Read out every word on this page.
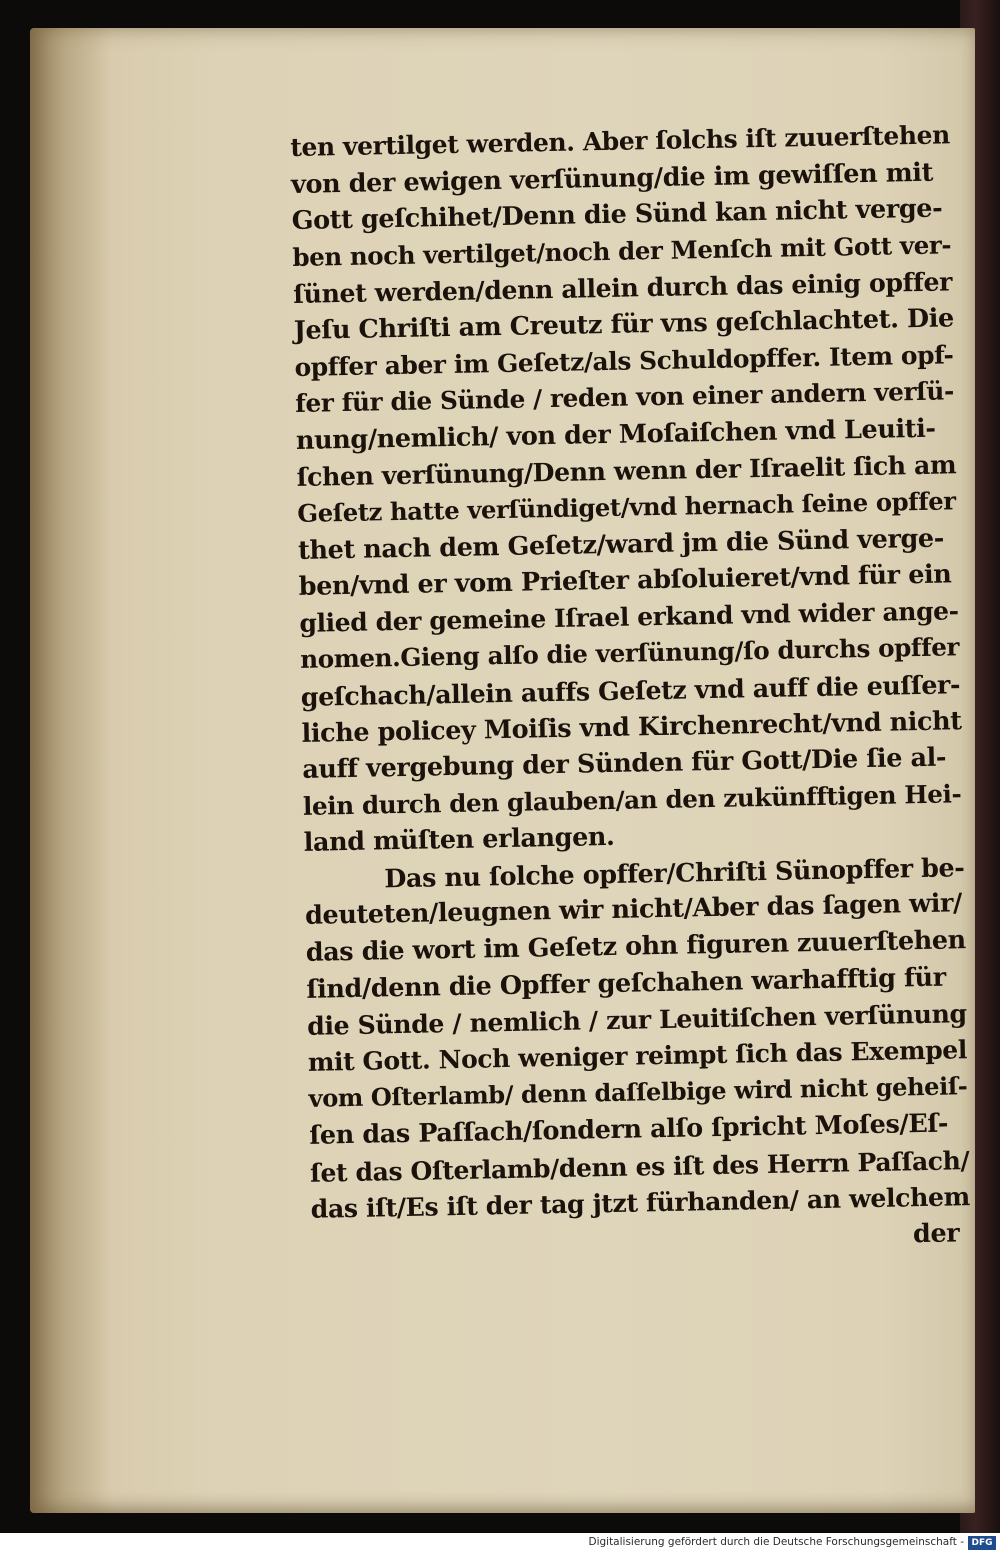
ten vertilget werden. Aber ſolchs iſt zuuerſtehen
von der ewigen verſünung/die im gewiſſen mit
Gott geſchihet/Denn die Sünd kan nicht verge-
ben noch vertilget/noch der Menſch mit Gott ver-
ſünet werden/denn allein durch das einig opffer
Jeſu Chriſti am Creutz für vns geſchlachtet. Die
opffer aber im Geſetz/als Schuldopffer. Item opf-
fer für die Sünde / reden von einer andern verſü-
nung/nemlich/ von der Moſaiſchen vnd Leuiti-
ſchen verſünung/Denn wenn der Iſraelit ſich am
Geſetz hatte verſündiget/vnd hernach ſeine opffer
thet nach dem Geſetz/ward jm die Sünd verge-
ben/vnd er vom Prieſter abſoluieret/vnd für ein
glied der gemeine Iſrael erkand vnd wider ange-
nomen.Gieng alſo die verſünung/ſo durchs opffer
geſchach/allein auffs Geſetz vnd auff die euſſer-
liche policey Moiſis vnd Kirchenrecht/vnd nicht
auff vergebung der Sünden für Gott/Die ſie al-
lein durch den glauben/an den zukünfftigen Hei-
land müſten erlangen.
Das nu ſolche opffer/Chriſti Sünopffer be-
deuteten/leugnen wir nicht/Aber das ſagen wir/
das die wort im Geſetz ohn figuren zuuerſtehen
ſind/denn die Opffer geſchahen warhafftig für
die Sünde / nemlich / zur Leuitiſchen verſünung
mit Gott. Noch weniger reimpt ſich das Exempel
vom Oſterlamb/ denn daſſelbige wird nicht geheiſ-
ſen das Paſſach/ſondern alſo ſpricht Moſes/Eſ-
ſet das Oſterlamb/denn es iſt des Herrn Paſſach/
das iſt/Es iſt der tag jtzt fürhanden/ an welchem
der
Digitalisierung gefördert durch die Deutsche Forschungsgemeinschaft - DFG
